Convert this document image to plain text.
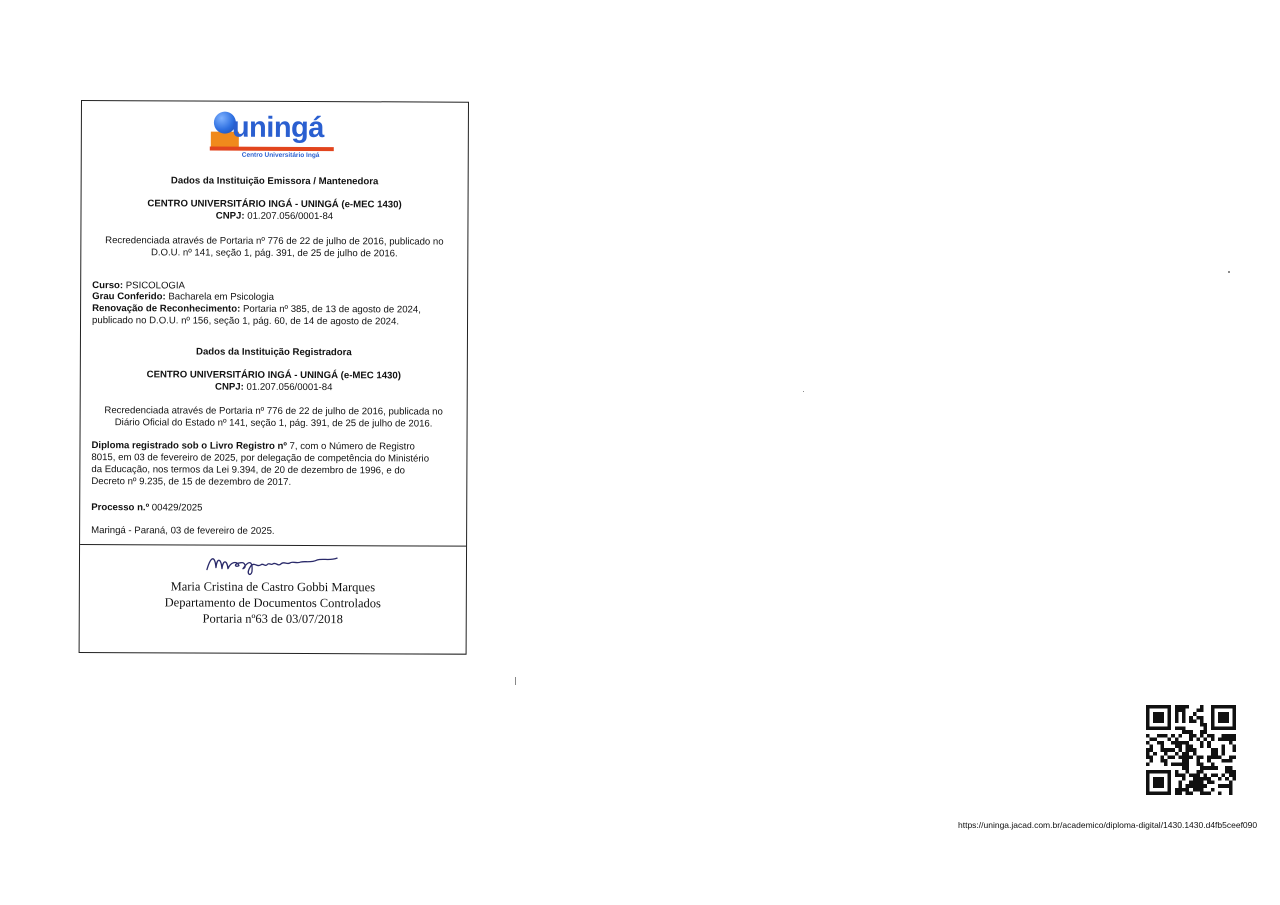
uningá
Centro Universitário Ingá
Dados da Instituição Emissora / Mantenedora
CENTRO UNIVERSITÁRIO INGÁ - UNINGÁ (e-MEC 1430)
CNPJ: 01.207.056/0001-84
Recredenciada através de Portaria nº 776 de 22 de julho de 2016, publicado no
D.O.U. nº 141, seção 1, pág. 391, de 25 de julho de 2016.
Curso: PSICOLOGIA
Grau Conferido: Bacharela em Psicologia
Renovação de Reconhecimento: Portaria nº 385, de 13 de agosto de 2024,
publicado no D.O.U. nº 156, seção 1, pág. 60, de 14 de agosto de 2024.
Dados da Instituição Registradora
CENTRO UNIVERSITÁRIO INGÁ - UNINGÁ (e-MEC 1430)
CNPJ: 01.207.056/0001-84
Recredenciada através de Portaria nº 776 de 22 de julho de 2016, publicada no
Diário Oficial do Estado nº 141, seção 1, pág. 391, de 25 de julho de 2016.
Diploma registrado sob o Livro Registro nº 7, com o Número de Registro
8015, em 03 de fevereiro de 2025, por delegação de competência do Ministério
da Educação, nos termos da Lei 9.394, de 20 de dezembro de 1996, e do
Decreto nº 9.235, de 15 de dezembro de 2017.
Processo n.º 00429/2025
Maringá - Paraná, 03 de fevereiro de 2025.
Maria Cristina de Castro Gobbi Marques
Departamento de Documentos Controlados
Portaria nº63 de 03/07/2018
https://uninga.jacad.com.br/academico/diploma-digital/1430.1430.d4fb5ceef090
